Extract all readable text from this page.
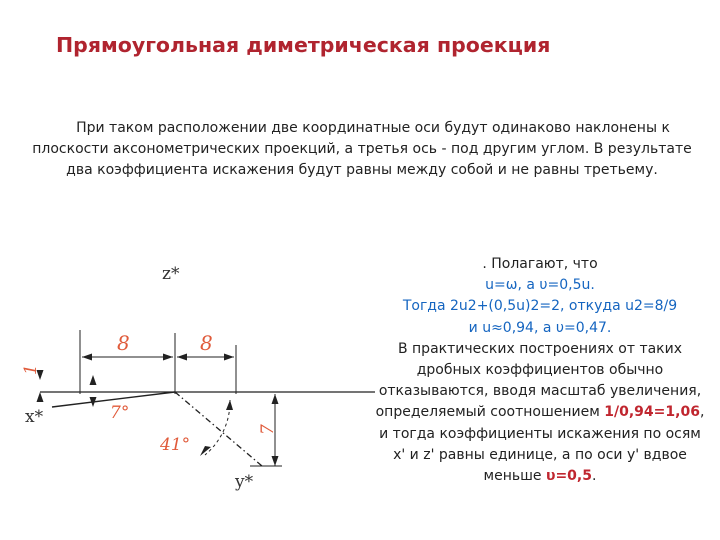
Прямоугольная диметрическая проекция
При таком расположении две координатные оси будут одинаково наклонены к плоскости аксонометрических проекций, а третья ось - под другим углом. В результате два коэффициента искажения будут равны между собой и не равны третьему.
z*
x*
y*
8	8
1
7
7°
41°
. Полагают, что
u=ω, а υ=0,5u.
Тогда 2u2+(0,5u)2=2, откуда u2=8/9
и u≈0,94, а υ=0,47.
В практических построениях от таких дробных коэффициентов обычно отказываются, вводя масштаб увеличения, определяемый соотношением 1/0,94=1,06, и тогда коэффициенты искажения по осям x' и z' равны единице, а по оси y' вдвое меньше υ=0,5.
